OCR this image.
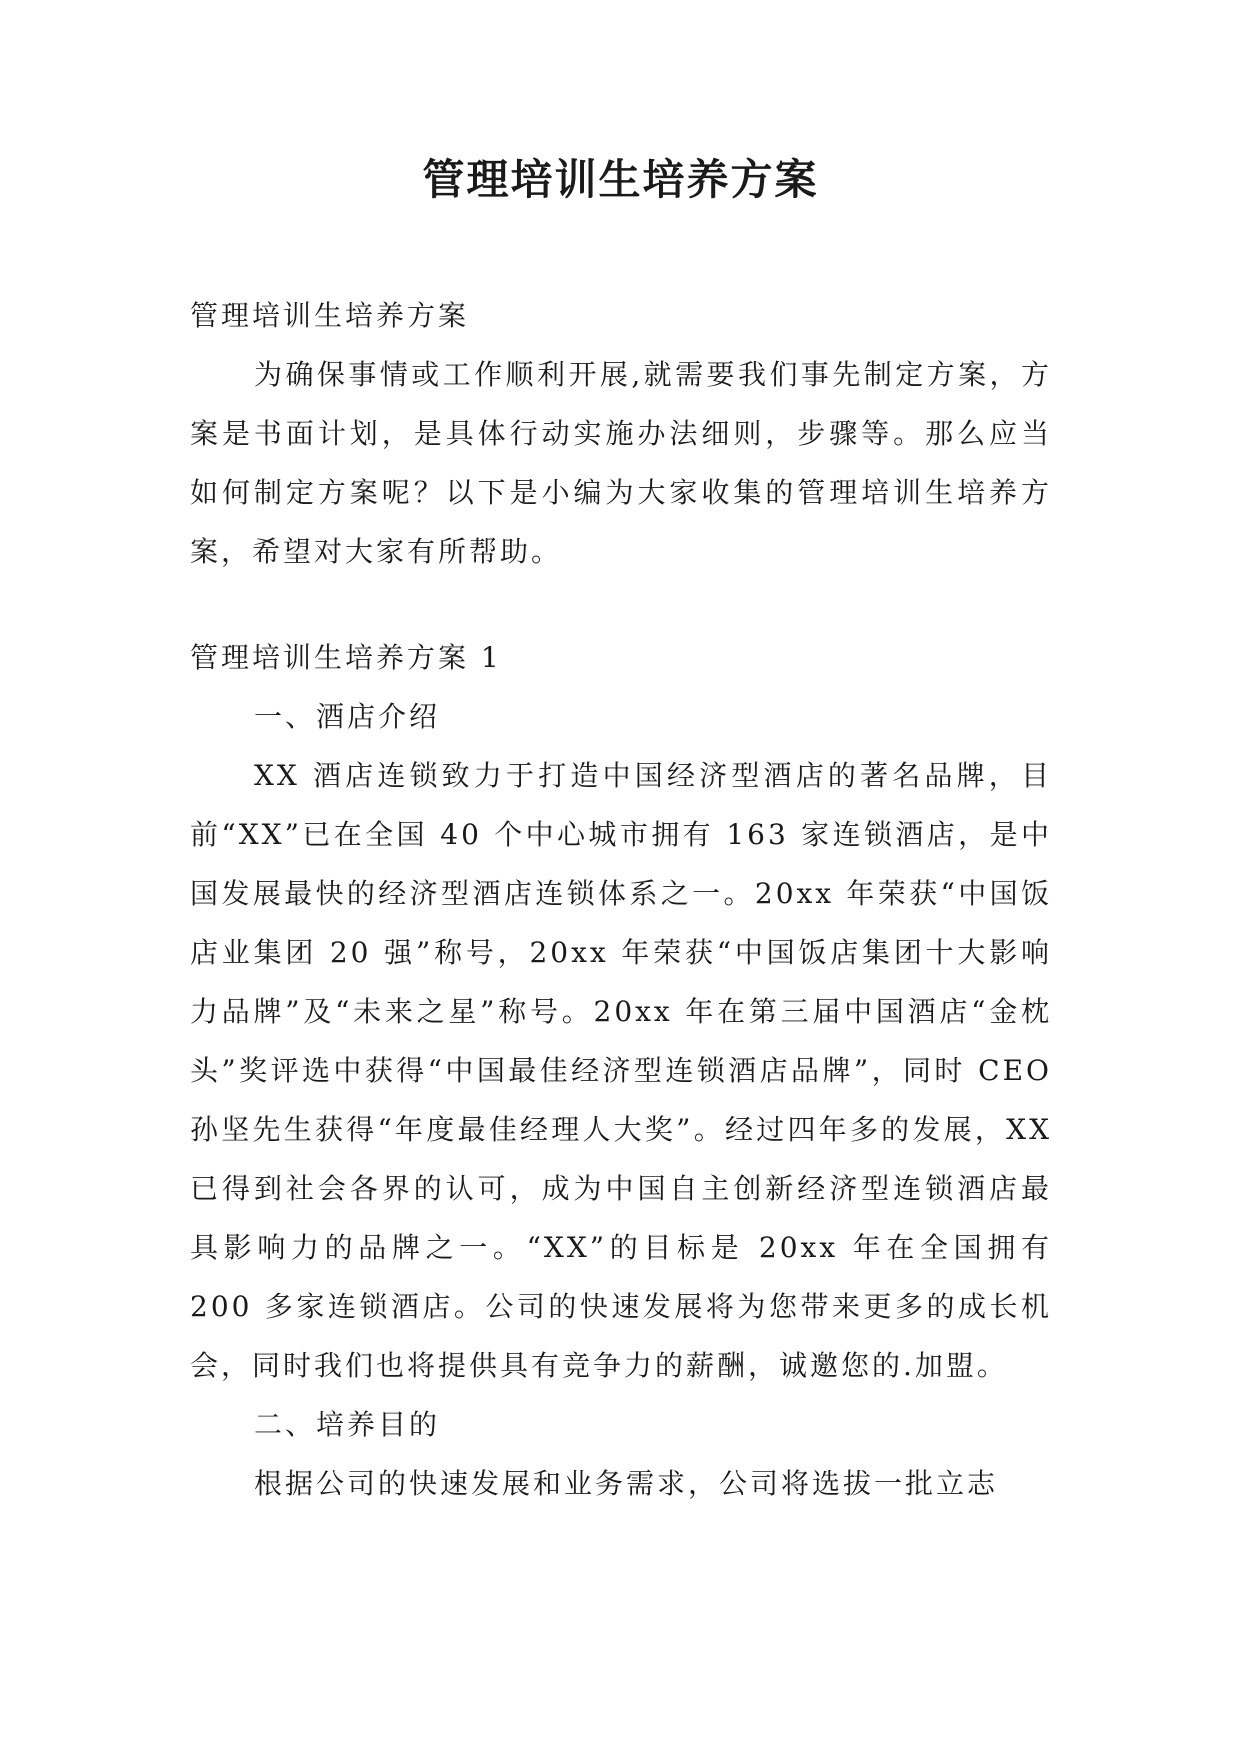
管理培训生培养方案

管理培训生培养方案

为确保事情或工作顺利开展,就需要我们事先制定方案，方案是书面计划，是具体行动实施办法细则，步骤等。那么应当如何制定方案呢？以下是小编为大家收集的管理培训生培养方案，希望对大家有所帮助。

管理培训生培养方案 1

一、酒店介绍

XX 酒店连锁致力于打造中国经济型酒店的著名品牌，目前“XX”已在全国 40 个中心城市拥有 163 家连锁酒店，是中国发展最快的经济型酒店连锁体系之一。20xx 年荣获“中国饭店业集团 20 强”称号，20xx 年荣获“中国饭店集团十大影响力品牌”及“未来之星”称号。20xx 年在第三届中国酒店“金枕头”奖评选中获得“中国最佳经济型连锁酒店品牌”，同时 CEO 孙坚先生获得“年度最佳经理人大奖”。经过四年多的发展，XX 已得到社会各界的认可，成为中国自主创新经济型连锁酒店最具影响力的品牌之一。“XX”的目标是 20xx 年在全国拥有 200 多家连锁酒店。公司的快速发展将为您带来更多的成长机会，同时我们也将提供具有竞争力的薪酬，诚邀您的.加盟。

二、培养目的

根据公司的快速发展和业务需求，公司将选拔一批立志
